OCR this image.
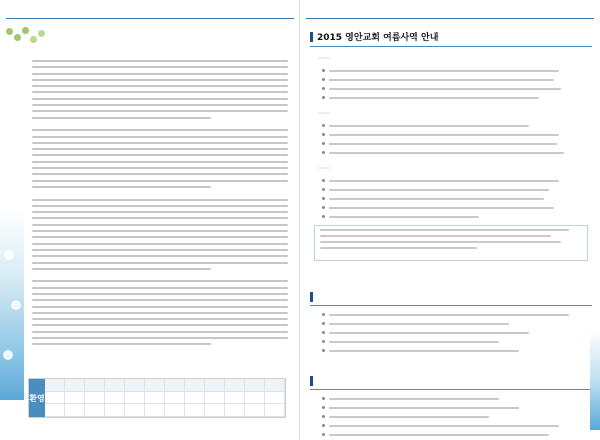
환영
2015 영안교회 여름사역 안내
